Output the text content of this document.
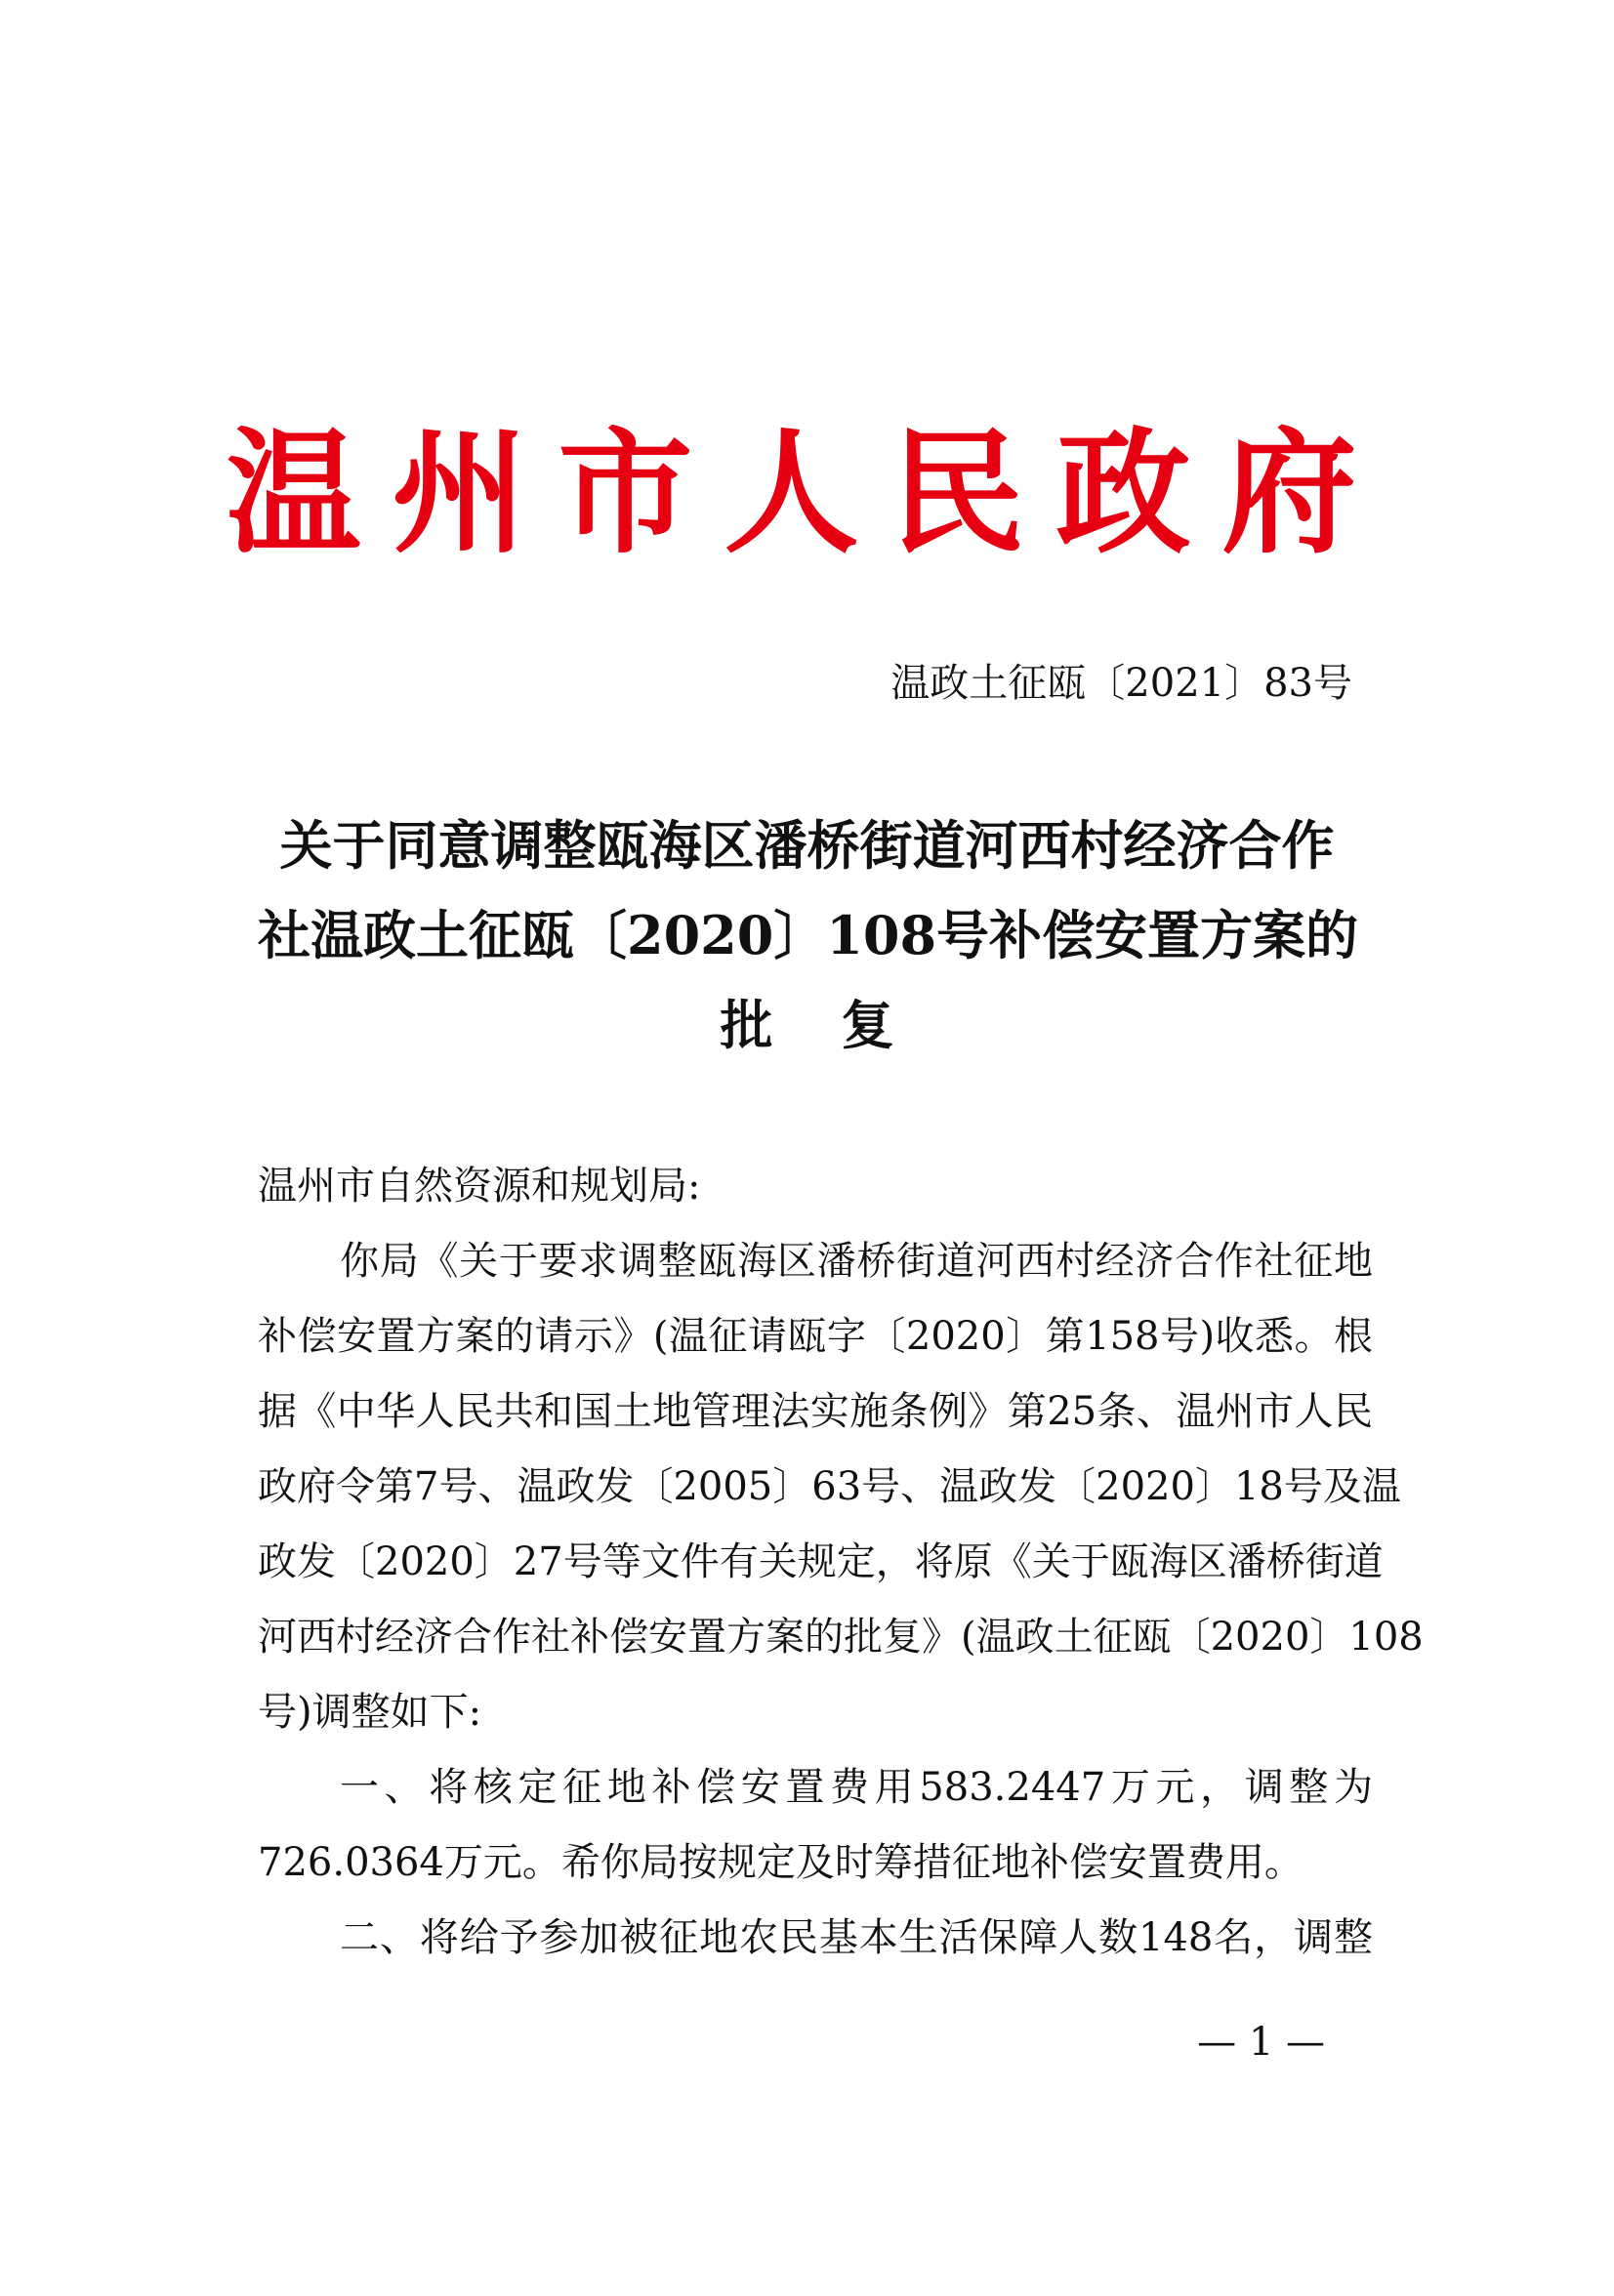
温州市人民政府
温政土征瓯〔2021〕83号
关于同意调整瓯海区潘桥街道河西村经济合作
社温政土征瓯〔2020〕108号补偿安置方案的
批复
温州市自然资源和规划局:
你局《关于要求调整瓯海区潘桥街道河西村经济合作社征地
补偿安置方案的请示》(温征请瓯字〔2020〕第158号)收悉。根
据《中华人民共和国土地管理法实施条例》第25条、温州市人民
政府令第7号、温政发〔2005〕63号、温政发〔2020〕18号及温
政发〔2020〕27号等文件有关规定，将原《关于瓯海区潘桥街道
河西村经济合作社补偿安置方案的批复》(温政土征瓯〔2020〕108
号)调整如下:
一、将核定征地补偿安置费用583.2447万元，调整为
726.0364万元。希你局按规定及时筹措征地补偿安置费用。
二、将给予参加被征地农民基本生活保障人数148名，调整
— 1 —
